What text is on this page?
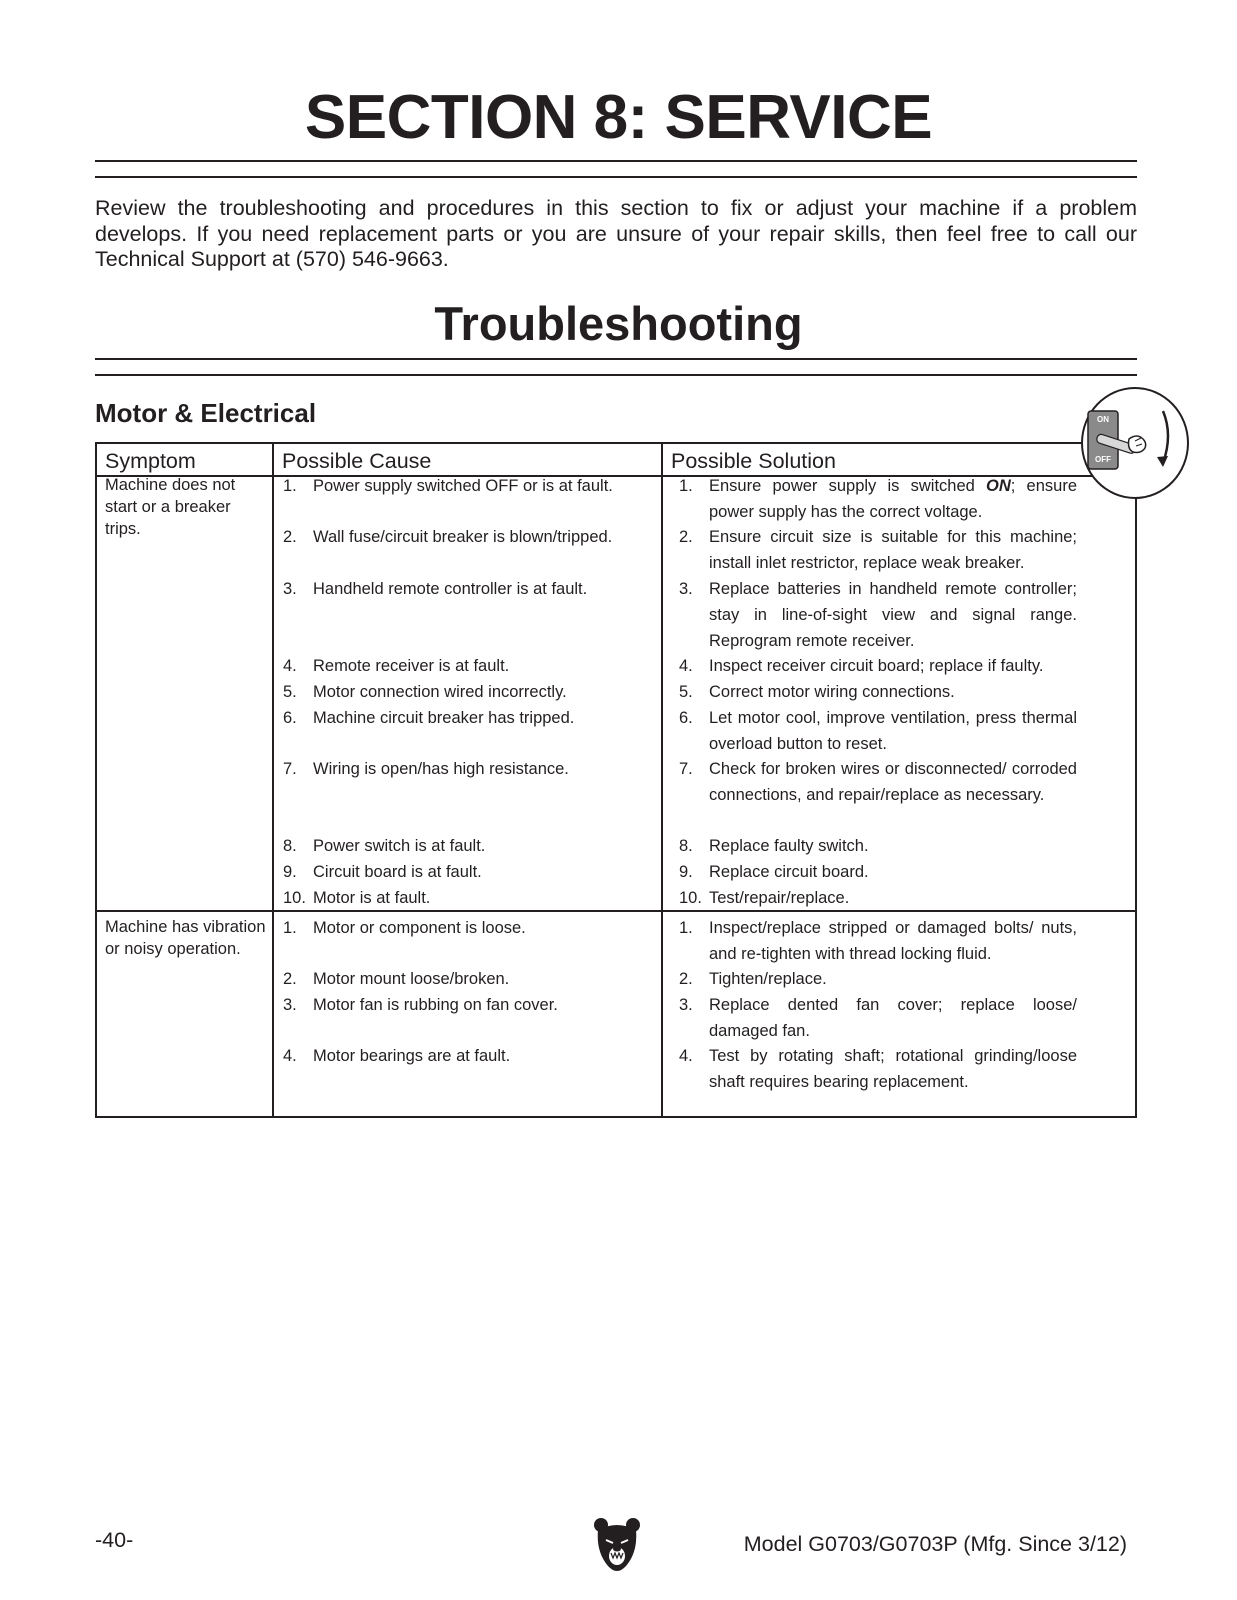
SECTION 8: SERVICE

Review the troubleshooting and procedures in this section to fix or adjust your machine if a problem develops. If you need replacement parts or you are unsure of your repair skills, then feel free to call our Technical Support at (570) 546-9663.

Troubleshooting
Motor & Electrical	ON
OFF
Symptom	Possible Cause	Possible Solution
Machine does not start or a breaker trips.
1. Power supply switched OFF or is at fault.	1. Ensure power supply is switched ON; ensure power supply has the correct voltage.
2. Wall fuse/circuit breaker is blown/tripped.	2. Ensure circuit size is suitable for this machine; install inlet restrictor, replace weak breaker.
3. Handheld remote controller is at fault.	3. Replace batteries in handheld remote controller; stay in line-of-sight view and signal range. Reprogram remote receiver.
4. Remote receiver is at fault.	4. Inspect receiver circuit board; replace if faulty.
5. Motor connection wired incorrectly.	5. Correct motor wiring connections.
6. Machine circuit breaker has tripped.	6. Let motor cool, improve ventilation, press thermal overload button to reset.
7. Wiring is open/has high resistance.	7. Check for broken wires or disconnected/ corroded connections, and repair/replace as necessary.
8. Power switch is at fault.	8. Replace faulty switch.
9. Circuit board is at fault.	9. Replace circuit board.
10. Motor is at fault.	10. Test/repair/replace.
Machine has vibration or noisy operation.
1. Motor or component is loose.	1. Inspect/replace stripped or damaged bolts/ nuts, and re-tighten with thread locking fluid.
2. Motor mount loose/broken.	2. Tighten/replace.
3. Motor fan is rubbing on fan cover.	3. Replace dented fan cover; replace loose/ damaged fan.
4. Motor bearings are at fault.	4. Test by rotating shaft; rotational grinding/loose shaft requires bearing replacement.

-40-	Model G0703/G0703P (Mfg. Since 3/12)
